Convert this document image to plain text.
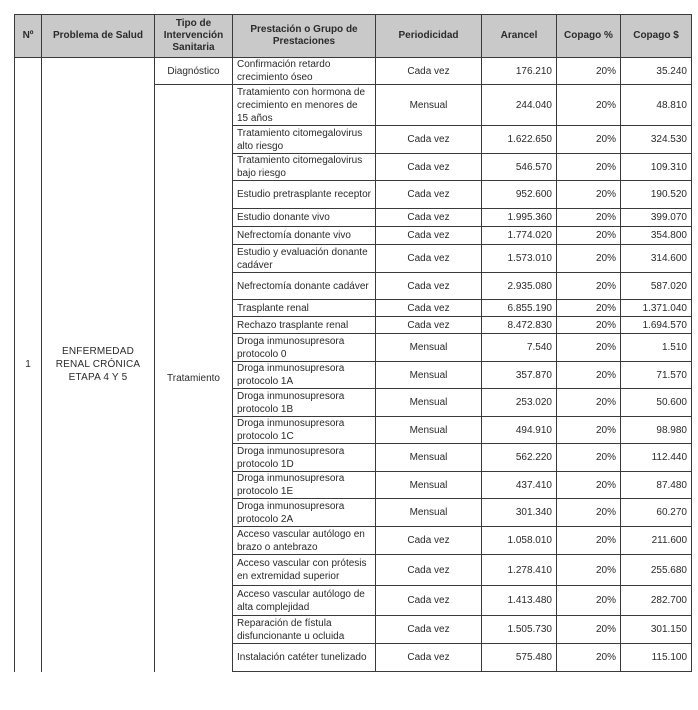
Nº	Problema de Salud	Tipo de Intervención Sanitaria	Prestación o Grupo de Prestaciones	Periodicidad	Arancel	Copago %	Copago $
1	ENFERMEDAD RENAL CRÓNICA ETAPA 4 Y 5	Diagnóstico	Confirmación retardo crecimiento óseo	Cada vez	176.210	20%	35.240
		Tratamiento	Tratamiento con hormona de crecimiento en menores de 15 años	Mensual	244.040	20%	48.810
			Tratamiento citomegalovirus alto riesgo	Cada vez	1.622.650	20%	324.530
			Tratamiento citomegalovirus bajo riesgo	Cada vez	546.570	20%	109.310
			Estudio pretrasplante receptor	Cada vez	952.600	20%	190.520
			Estudio donante vivo	Cada vez	1.995.360	20%	399.070
			Nefrectomía donante vivo	Cada vez	1.774.020	20%	354.800
			Estudio y evaluación donante cadáver	Cada vez	1.573.010	20%	314.600
			Nefrectomía donante cadáver	Cada vez	2.935.080	20%	587.020
			Trasplante renal	Cada vez	6.855.190	20%	1.371.040
			Rechazo trasplante renal	Cada vez	8.472.830	20%	1.694.570
			Droga inmunosupresora protocolo 0	Mensual	7.540	20%	1.510
			Droga inmunosupresora protocolo 1A	Mensual	357.870	20%	71.570
			Droga inmunosupresora protocolo 1B	Mensual	253.020	20%	50.600
			Droga inmunosupresora protocolo 1C	Mensual	494.910	20%	98.980
			Droga inmunosupresora protocolo 1D	Mensual	562.220	20%	112.440
			Droga inmunosupresora protocolo 1E	Mensual	437.410	20%	87.480
			Droga inmunosupresora protocolo 2A	Mensual	301.340	20%	60.270
			Acceso vascular autólogo en brazo o antebrazo	Cada vez	1.058.010	20%	211.600
			Acceso vascular con prótesis en extremidad superior	Cada vez	1.278.410	20%	255.680
			Acceso vascular autólogo de alta complejidad	Cada vez	1.413.480	20%	282.700
			Reparación de fístula disfuncionante u ocluida	Cada vez	1.505.730	20%	301.150
			Instalación catéter tunelizado	Cada vez	575.480	20%	115.100
